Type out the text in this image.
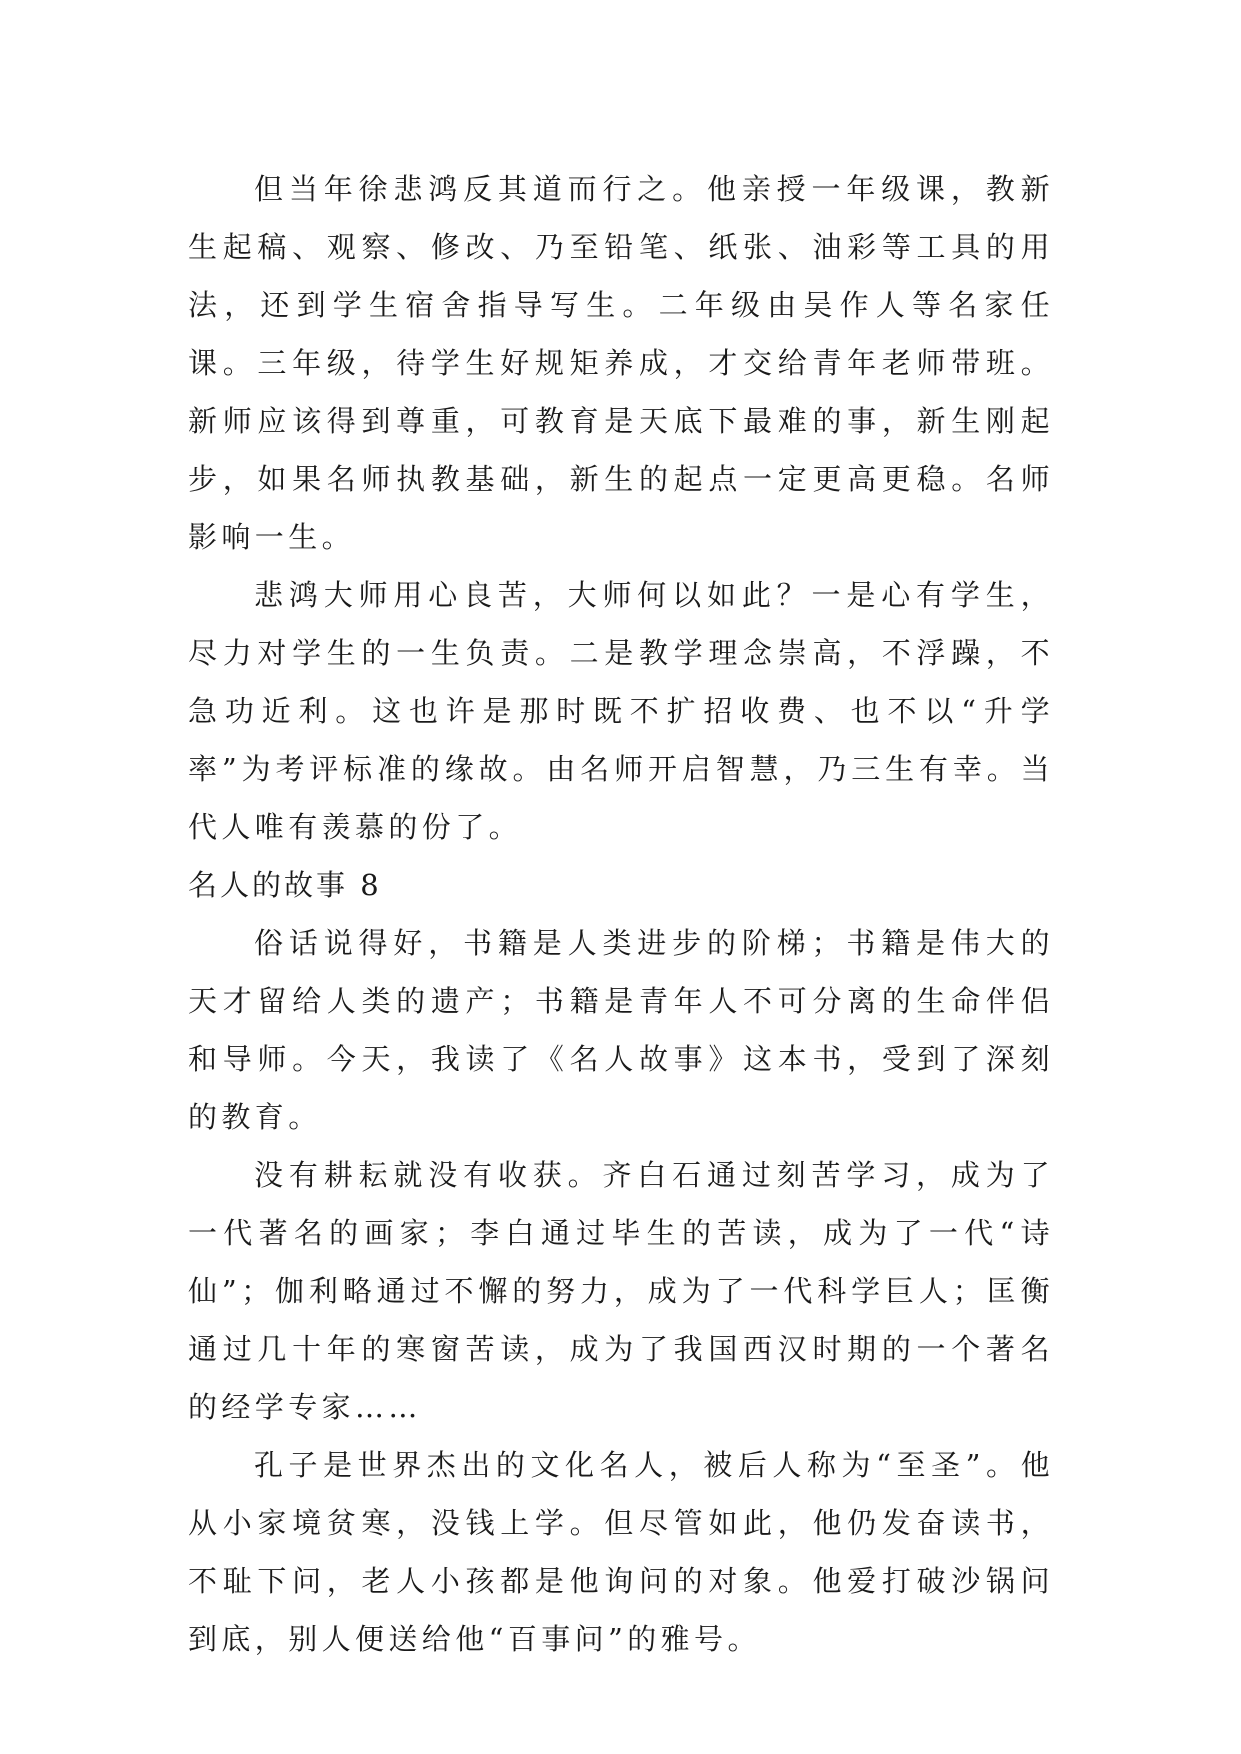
但当年徐悲鸿反其道而行之。他亲授一年级课，教新生起稿、观察、修改、乃至铅笔、纸张、油彩等工具的用法，还到学生宿舍指导写生。二年级由吴作人等名家任课。三年级，待学生好规矩养成，才交给青年老师带班。新师应该得到尊重，可教育是天底下最难的事，新生刚起步，如果名师执教基础，新生的起点一定更高更稳。名师影响一生。

悲鸿大师用心良苦，大师何以如此？一是心有学生，尽力对学生的一生负责。二是教学理念崇高，不浮躁，不急功近利。这也许是那时既不扩招收费、也不以“升学率”为考评标准的缘故。由名师开启智慧，乃三生有幸。当代人唯有羡慕的份了。

名人的故事 8

俗话说得好，书籍是人类进步的阶梯；书籍是伟大的天才留给人类的遗产；书籍是青年人不可分离的生命伴侣和导师。今天，我读了《名人故事》这本书，受到了深刻的教育。

没有耕耘就没有收获。齐白石通过刻苦学习，成为了一代著名的画家；李白通过毕生的苦读，成为了一代“诗仙”；伽利略通过不懈的努力，成为了一代科学巨人；匡衡通过几十年的寒窗苦读，成为了我国西汉时期的一个著名的经学专家……

孔子是世界杰出的文化名人，被后人称为“至圣”。他从小家境贫寒，没钱上学。但尽管如此，他仍发奋读书，不耻下问，老人小孩都是他询问的对象。他爱打破沙锅问到底，别人便送给他“百事问”的雅号。
